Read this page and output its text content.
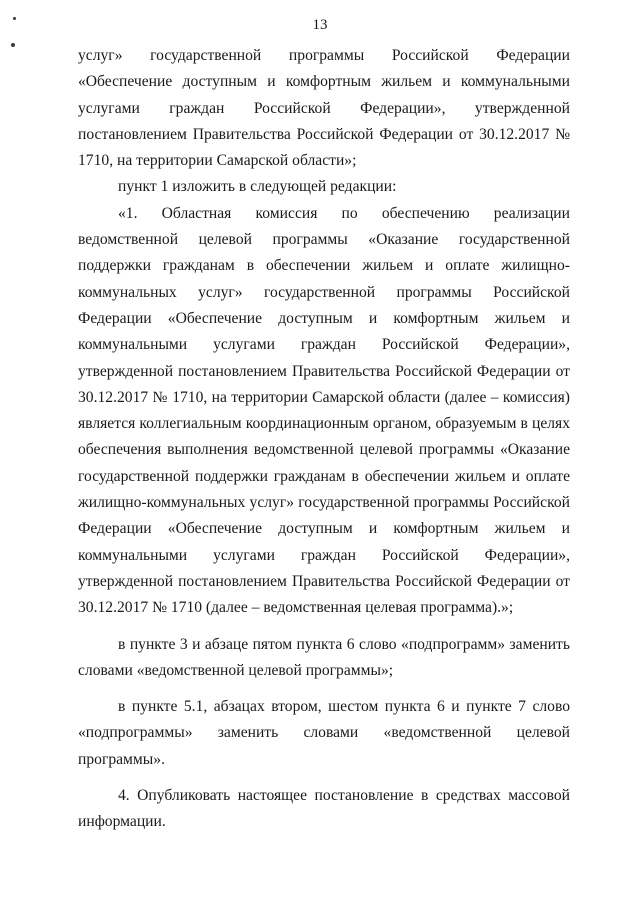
13

услуг» государственной программы Российской Федерации «Обеспечение доступным и комфортным жильем и коммунальными услугами граждан Российской Федерации», утвержденной постановлением Правительства Российской Федерации от 30.12.2017 № 1710, на территории Самарской области»;

пункт 1 изложить в следующей редакции:

«1. Областная комиссия по обеспечению реализации ведомственной целевой программы «Оказание государственной поддержки гражданам в обеспечении жильем и оплате жилищно-коммунальных услуг» государственной программы Российской Федерации «Обеспечение доступным и комфортным жильем и коммунальными услугами граждан Российской Федерации», утвержденной постановлением Правительства Российской Федерации от 30.12.2017 № 1710, на территории Самарской области (далее – комиссия) является коллегиальным координационным органом, образуемым в целях обеспечения выполнения ведомственной целевой программы «Оказание государственной поддержки гражданам в обеспечении жильем и оплате жилищно-коммунальных услуг» государственной программы Российской Федерации «Обеспечение доступным и комфортным жильем и коммунальными услугами граждан Российской Федерации», утвержденной постановлением Правительства Российской Федерации от 30.12.2017 № 1710 (далее – ведомственная целевая программа).»;

в пункте 3 и абзаце пятом пункта 6 слово «подпрограмм» заменить словами «ведомственной целевой программы»;

в пункте 5.1, абзацах втором, шестом пункта 6 и пункте 7 слово «подпрограммы» заменить словами «ведомственной целевой программы».

4. Опубликовать настоящее постановление в средствах массовой информации.
